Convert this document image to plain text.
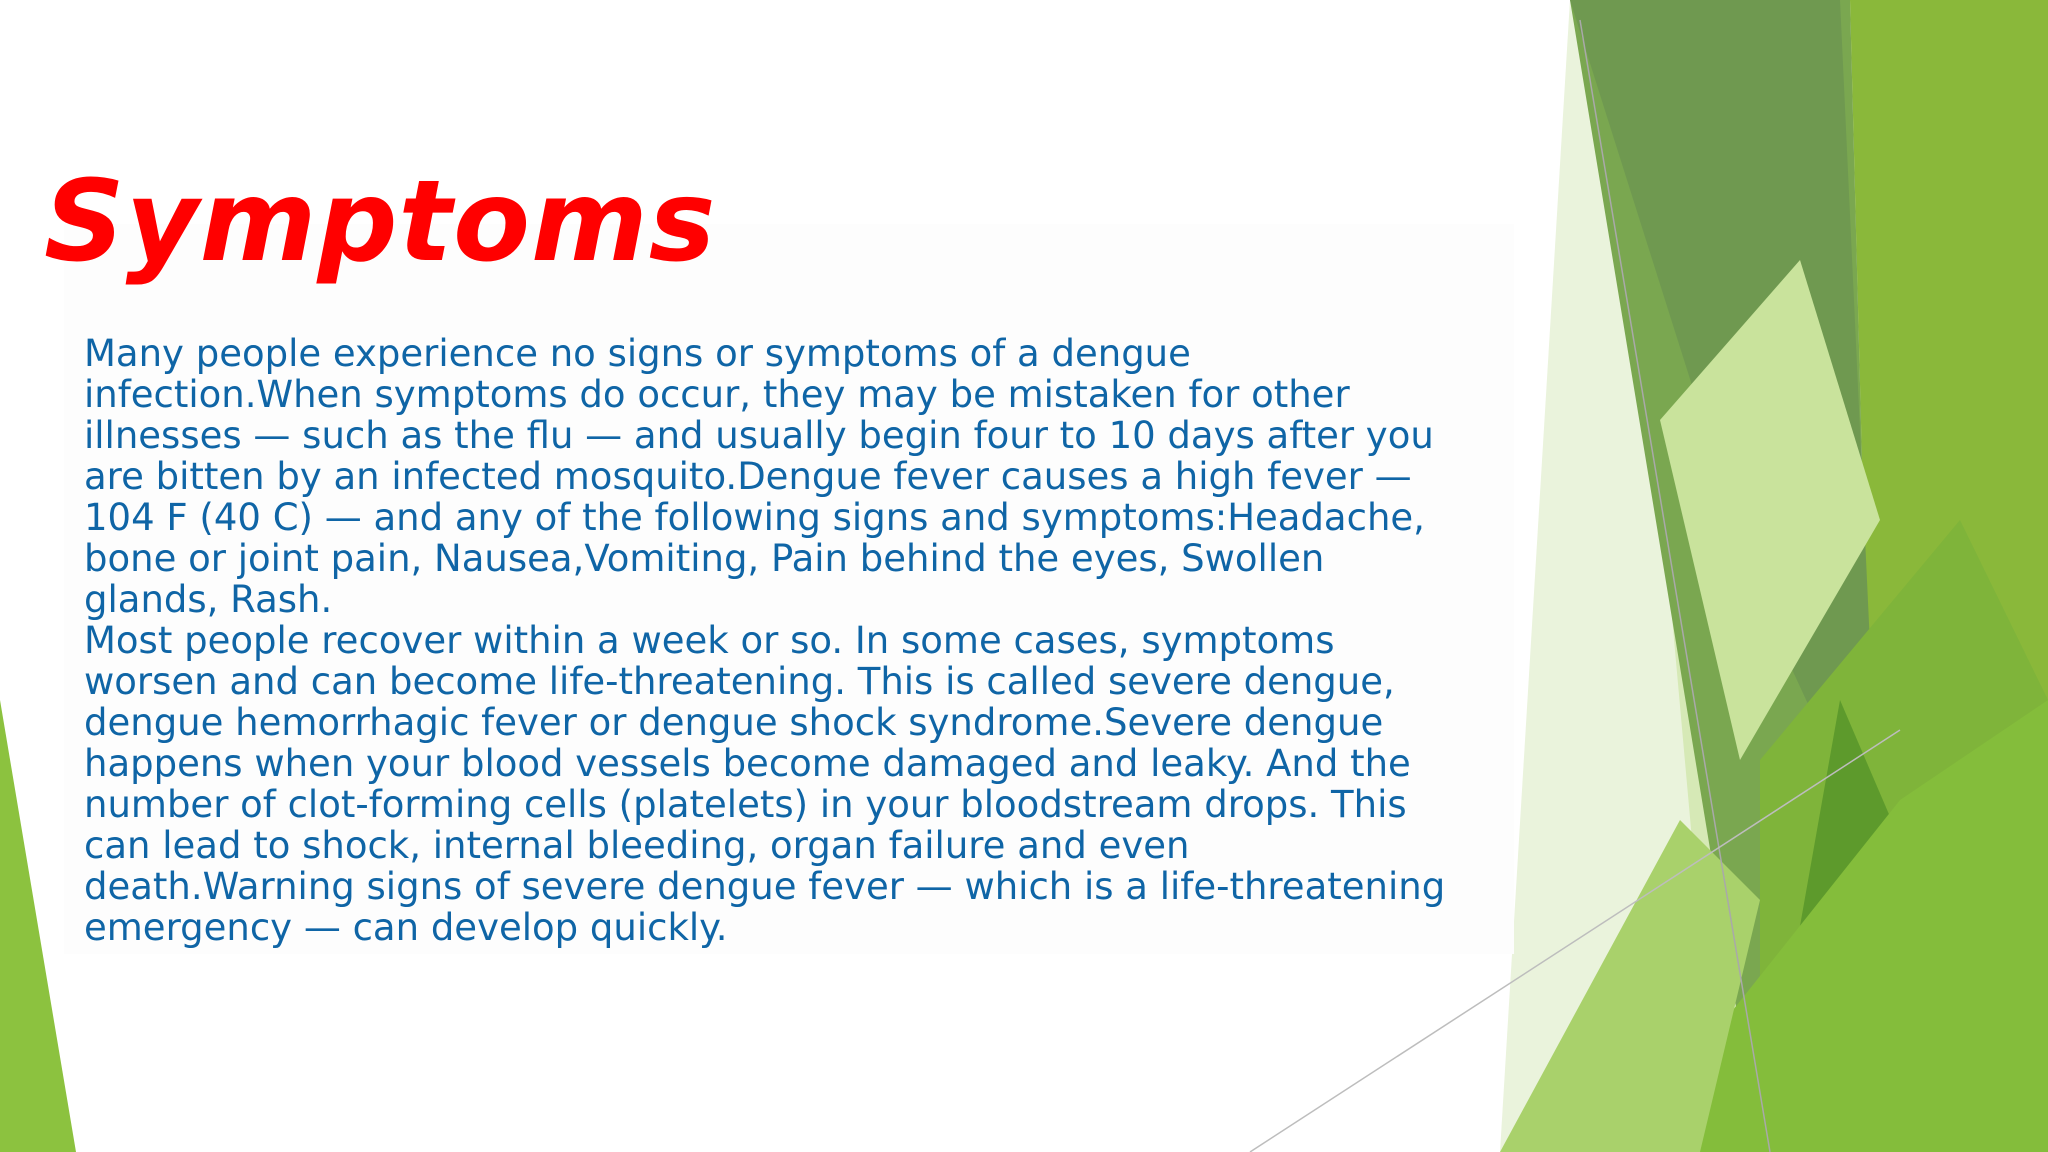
Symptoms

Many people experience no signs or symptoms of a dengue
infection.When symptoms do occur, they may be mistaken for other
illnesses — such as the flu — and usually begin four to 10 days after you
are bitten by an infected mosquito.Dengue fever causes a high fever —
104 F (40 C) — and any of the following signs and symptoms:Headache,
bone or joint pain, Nausea,Vomiting, Pain behind the eyes, Swollen
glands, Rash.

Most people recover within a week or so. In some cases, symptoms
worsen and can become life-threatening. This is called severe dengue,
dengue hemorrhagic fever or dengue shock syndrome.Severe dengue
happens when your blood vessels become damaged and leaky. And the
number of clot-forming cells (platelets) in your bloodstream drops. This
can lead to shock, internal bleeding, organ failure and even
death.Warning signs of severe dengue fever — which is a life-threatening
emergency — can develop quickly.
